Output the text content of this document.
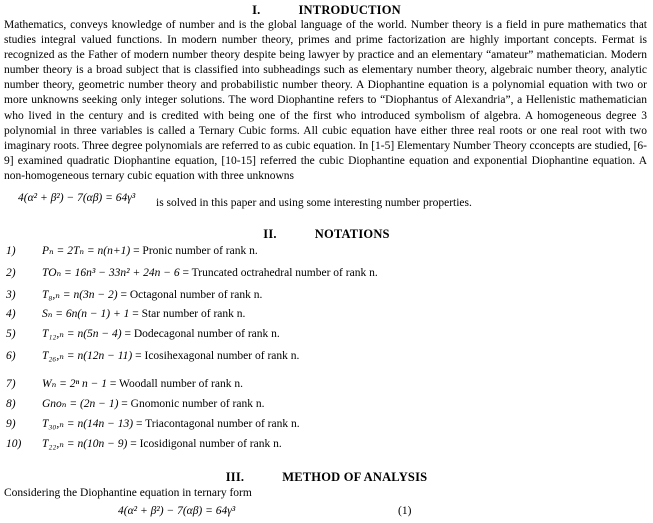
I.	INTRODUCTION
Mathematics, conveys knowledge of number and is the global language of the world. Number theory is a field in pure mathematics that studies integral valued functions. In modern number theory, primes and prime factorization are highly important concepts. Fermat is recognized as the Father of modern number theory despite being lawyer by practice and an elementary “amateur” mathematician. Modern number theory is a broad subject that is classified into subheadings such as elementary number theory, algebraic number theory, analytic number theory, geometric number theory and probabilistic number theory. A Diophantine equation is a polynomial equation with two or more unknowns seeking only integer solutions. The word Diophantine refers to “Diophantus of Alexandria”, a Hellenistic mathematician who lived in the century and is credited with being one of the first who introduced symbolism of algebra. A homogeneous degree 3 polynomial in three variables is called a Ternary Cubic forms. All cubic equation have either three real roots or one real root with two imaginary roots. Three degree polynomials are referred to as cubic equation. In [1-5] Elementary Number Theory cconcepts are studied, [6-9] examined quadratic Diophantine equation, [10-15] referred the cubic Diophantine equation and exponential Diophantine equation. A non-homogeneous ternary cubic equation with three unknowns
4(α² + β²) − 7(αβ) = 64γ³ is solved in this paper and using some interesting number properties.
II.	NOTATIONS
1) Pₙ = 2Tₙ = n(n+1) = Pronic number of rank n.
2) TOₙ = 16n³ − 33n² + 24n − 6 = Truncated octrahedral number of rank n.
3) T₈,ₙ = n(3n − 2) = Octagonal number of rank n.
4) Sₙ = 6n(n − 1) + 1 = Star number of rank n.
5) T₁₂,ₙ = n(5n − 4) = Dodecagonal number of rank n.
6) T₂₆,ₙ = n(12n − 11) = Icosihexagonal number of rank n.
7) Wₙ = 2ⁿ n − 1 = Woodall number of rank n.
8) Gnoₙ = (2n − 1) = Gnomonic number of rank n.
9) T₃₀,ₙ = n(14n − 13) = Triacontagonal number of rank n.
10) T₂₂,ₙ = n(10n − 9) = Icosidigonal number of rank n.
III.	METHOD OF ANALYSIS
Considering the Diophantine equation in ternary form
4(α² + β²) − 7(αβ) = 64γ³	(1)
